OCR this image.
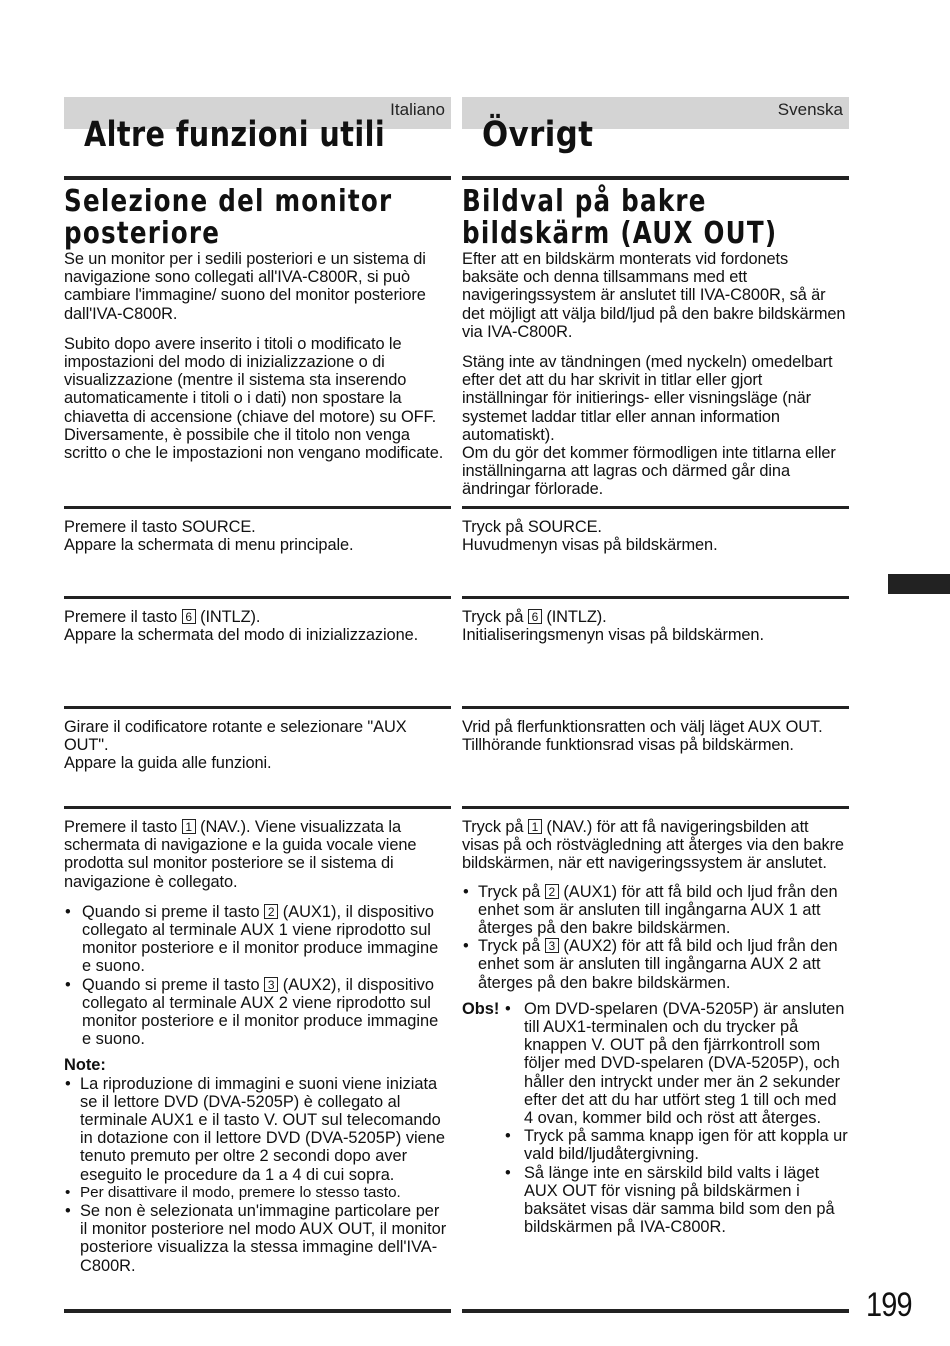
Italiano
Altre funzioni utili
Selezione del monitor
posteriore
Se un monitor per i sedili posteriori e un sistema di navigazione sono collegati all'IVA-C800R, si può cambiare l'immagine/ suono del monitor posteriore dall'IVA-C800R.
Subito dopo avere inserito i titoli o modificato le impostazioni del modo di inizializzazione o di visualizzazione (mentre il sistema sta inserendo automaticamente i titoli o i dati) non spostare la chiavetta di accensione (chiave del motore) su OFF.
Diversamente, è possibile che il titolo non venga scritto o che le impostazioni non vengano modificate.
Premere il tasto SOURCE.
Appare la schermata di menu principale.
Premere il tasto 6 (INTLZ).
Appare la schermata del modo di inizializzazione.
Girare il codificatore rotante e selezionare "AUX OUT".
Appare la guida alle funzioni.
Premere il tasto 1 (NAV.). Viene visualizzata la schermata di navigazione e la guida vocale viene prodotta sul monitor posteriore se il sistema di navigazione è collegato.
• Quando si preme il tasto 2 (AUX1), il dispositivo collegato al terminale AUX 1 viene riprodotto sul monitor posteriore e il monitor produce immagine e suono.
• Quando si preme il tasto 3 (AUX2), il dispositivo collegato al terminale AUX 2 viene riprodotto sul monitor posteriore e il monitor produce immagine e suono.
Note:
• La riproduzione di immagini e suoni viene iniziata se il lettore DVD (DVA-5205P) è collegato al terminale AUX1 e il tasto V. OUT sul telecomando in dotazione con il lettore DVD (DVA-5205P) viene tenuto premuto per oltre 2 secondi dopo aver eseguito le procedure da 1 a 4 di cui sopra.
• Per disattivare il modo, premere lo stesso tasto.
• Se non è selezionata un'immagine particolare per il monitor posteriore nel modo AUX OUT, il monitor posteriore visualizza la stessa immagine dell'IVA-C800R.
Svenska
Övrigt
Bildval på bakre
bildskärm (AUX OUT)
Efter att en bildskärm monterats vid fordonets baksäte och denna tillsammans med ett navigeringssystem är anslutet till IVA-C800R, så är det möjligt att välja bild/ljud på den bakre bildskärmen via IVA-C800R.
Stäng inte av tändningen (med nyckeln) omedelbart efter det att du har skrivit in titlar eller gjort inställningar för initierings- eller visningsläge (när systemet laddar titlar eller annan information automatiskt).
Om du gör det kommer förmodligen inte titlarna eller inställningarna att lagras och därmed går dina ändringar förlorade.
Tryck på SOURCE.
Huvudmenyn visas på bildskärmen.
Tryck på 6 (INTLZ).
Initialiseringsmenyn visas på bildskärmen.
Vrid på flerfunktionsratten och välj läget AUX OUT.
Tillhörande funktionsrad visas på bildskärmen.
Tryck på 1 (NAV.) för att få navigeringsbilden att visas på och röstvägledning att återges via den bakre bildskärmen, när ett navigeringssystem är anslutet.
• Tryck på 2 (AUX1) för att få bild och ljud från den enhet som är ansluten till ingångarna AUX 1 att återges på den bakre bildskärmen.
• Tryck på 3 (AUX2) för att få bild och ljud från den enhet som är ansluten till ingångarna AUX 2 att återges på den bakre bildskärmen.
Obs!
•	Om DVD-spelaren (DVA-5205P) är ansluten till AUX1-terminalen och du trycker på knappen V. OUT på den fjärrkontroll som följer med DVD-spelaren (DVA-5205P), och håller den intryckt under mer än 2 sekunder efter det att du har utfört steg 1 till och med 4 ovan, kommer bild och röst att återges.
• Tryck på samma knapp igen för att koppla ur vald bild/ljudåtergivning.
• Så länge inte en särskild bild valts i läget AUX OUT för visning på bildskärmen i baksätet visas där samma bild som den på bildskärmen på IVA-C800R.
199
